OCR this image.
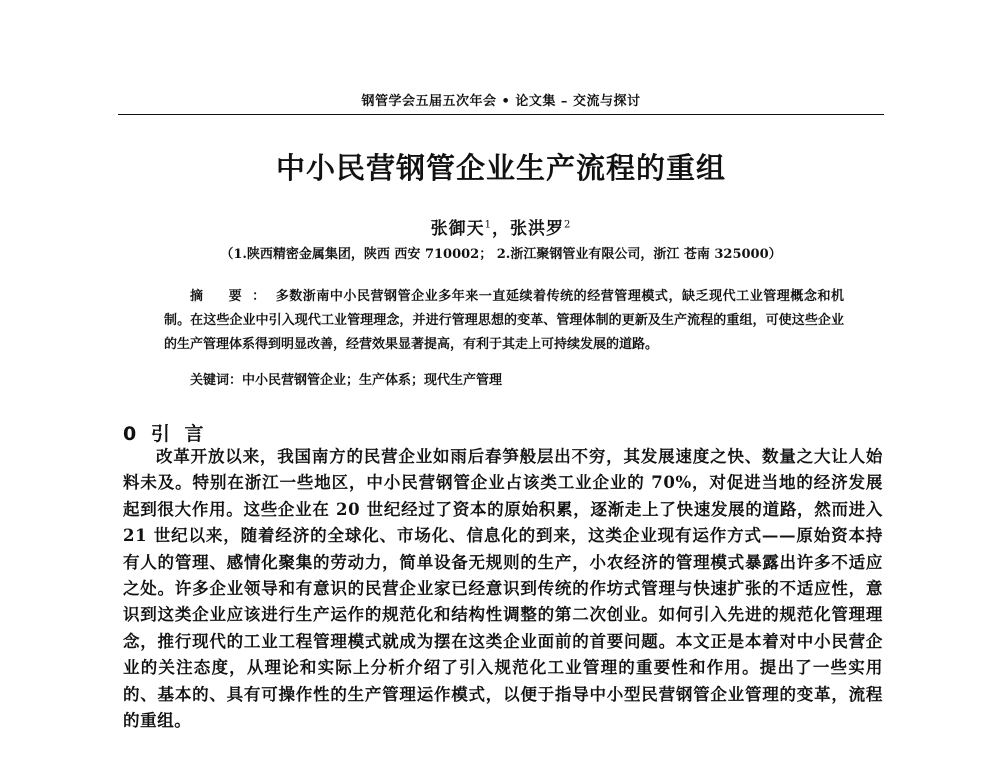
钢管学会五届五次年会 • 论文集 – 交流与探讨
中小民营钢管企业生产流程的重组
张御天$^1$，张洪罗$^2$
（1.陕西精密金属集团，陕西 西安 710002； 2.浙江聚钢管业有限公司，浙江 苍南 325000）
摘 要：多数浙南中小民营钢管企业多年来一直延续着传统的经营管理模式，缺乏现代工业管理概念和机制。在这些企业中引入现代工业管理理念，并进行管理思想的变革、管理体制的更新及生产流程的重组，可使这些企业的生产管理体系得到明显改善，经营效果显著提高，有利于其走上可持续发展的道路。
关键词：中小民营钢管企业；生产体系；现代生产管理
0 引 言
改革开放以来，我国南方的民营企业如雨后春笋般层出不穷，其发展速度之快、数量之大让人始料未及。特别在浙江一些地区，中小民营钢管企业占该类工业企业的 70%，对促进当地的经济发展起到很大作用。这些企业在 20 世纪经过了资本的原始积累，逐渐走上了快速发展的道路，然而进入 21 世纪以来，随着经济的全球化、市场化、信息化的到来，这类企业现有运作方式——原始资本持有人的管理、感情化聚集的劳动力，简单设备无规则的生产，小农经济的管理模式暴露出许多不适应之处。许多企业领导和有意识的民营企业家已经意识到传统的作坊式管理与快速扩张的不适应性，意识到这类企业应该进行生产运作的规范化和结构性调整的第二次创业。如何引入先进的规范化管理理念，推行现代的工业工程管理模式就成为摆在这类企业面前的首要问题。本文正是本着对中小民营企业的关注态度，从理论和实际上分析介绍了引入规范化工业管理的重要性和作用。提出了一些实用的、基本的、具有可操作性的生产管理运作模式，以便于指导中小型民营钢管企业管理的变革，流程的重组。
